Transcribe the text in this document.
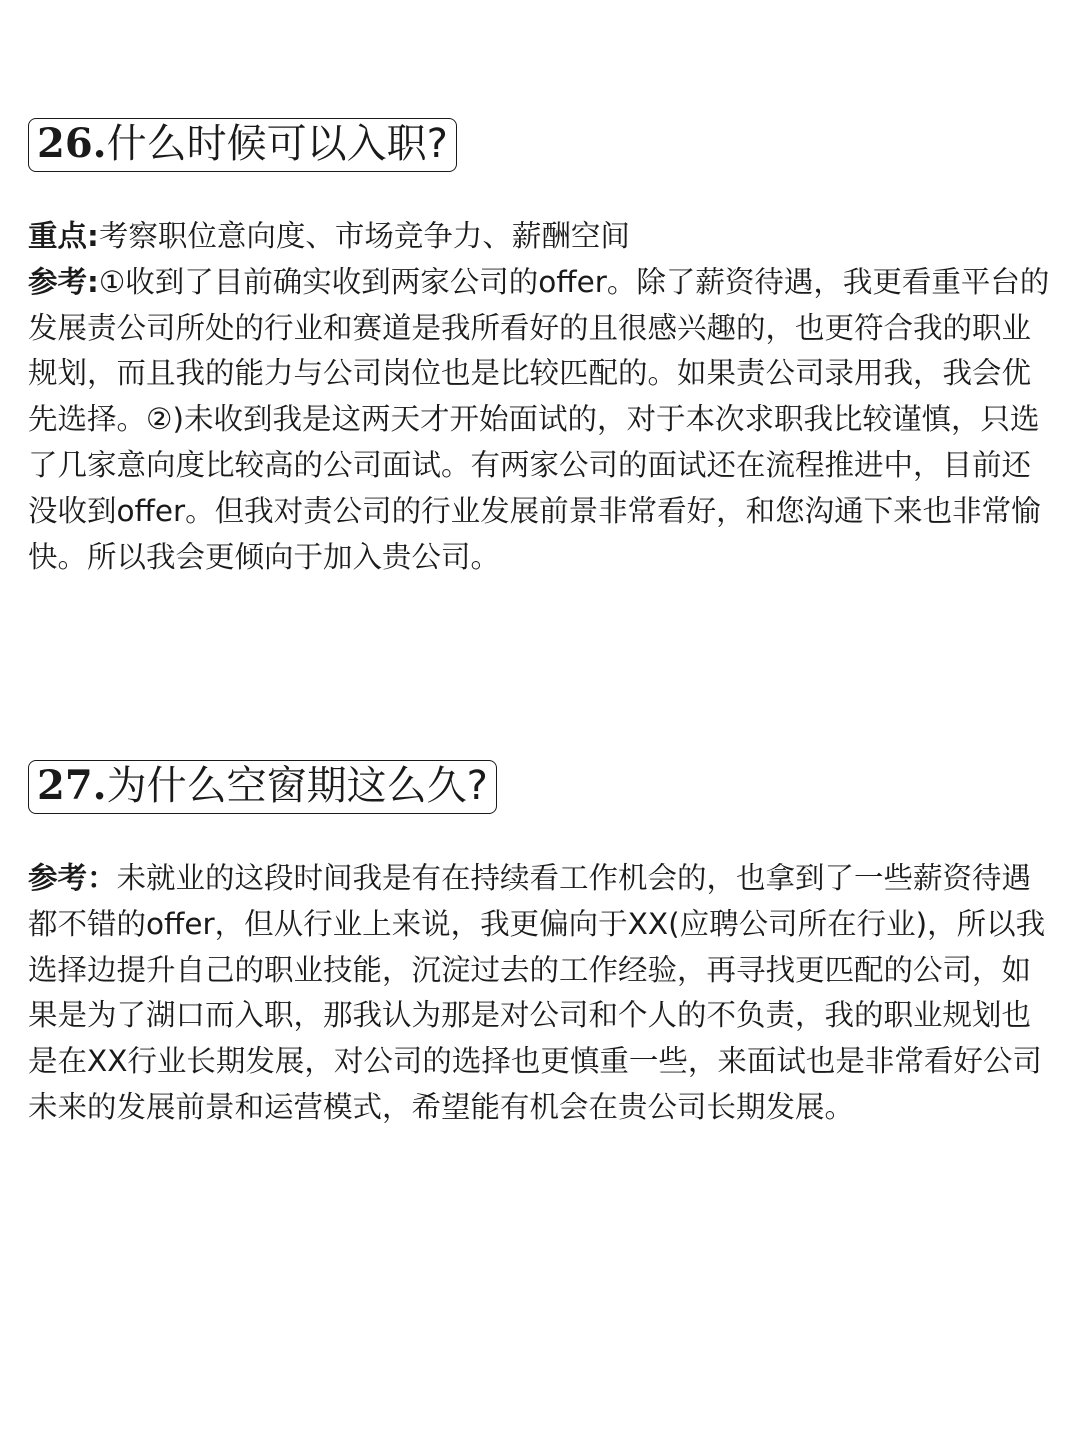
26.什么时候可以入职?

重点:考察职位意向度、市场竞争力、薪酬空间
参考:①收到了目前确实收到两家公司的offer。除了薪资待遇，我更看重平台的发展责公司所处的行业和赛道是我所看好的且很感兴趣的，也更符合我的职业规划，而且我的能力与公司岗位也是比较匹配的。如果责公司录用我，我会优先选择。②)未收到我是这两天才开始面试的，对于本次求职我比较谨慎，只选了几家意向度比较高的公司面试。有两家公司的面试还在流程推进中，目前还没收到offer。但我对责公司的行业发展前景非常看好，和您沟通下来也非常愉快。所以我会更倾向于加入贵公司。

27.为什么空窗期这么久?

参考：未就业的这段时间我是有在持续看工作机会的，也拿到了一些薪资待遇都不错的offer，但从行业上来说，我更偏向于XX(应聘公司所在行业)，所以我选择边提升自己的职业技能，沉淀过去的工作经验，再寻找更匹配的公司，如果是为了湖口而入职，那我认为那是对公司和个人的不负责，我的职业规划也是在XX行业长期发展，对公司的选择也更慎重一些，来面试也是非常看好公司未来的发展前景和运营模式，希望能有机会在贵公司长期发展。
